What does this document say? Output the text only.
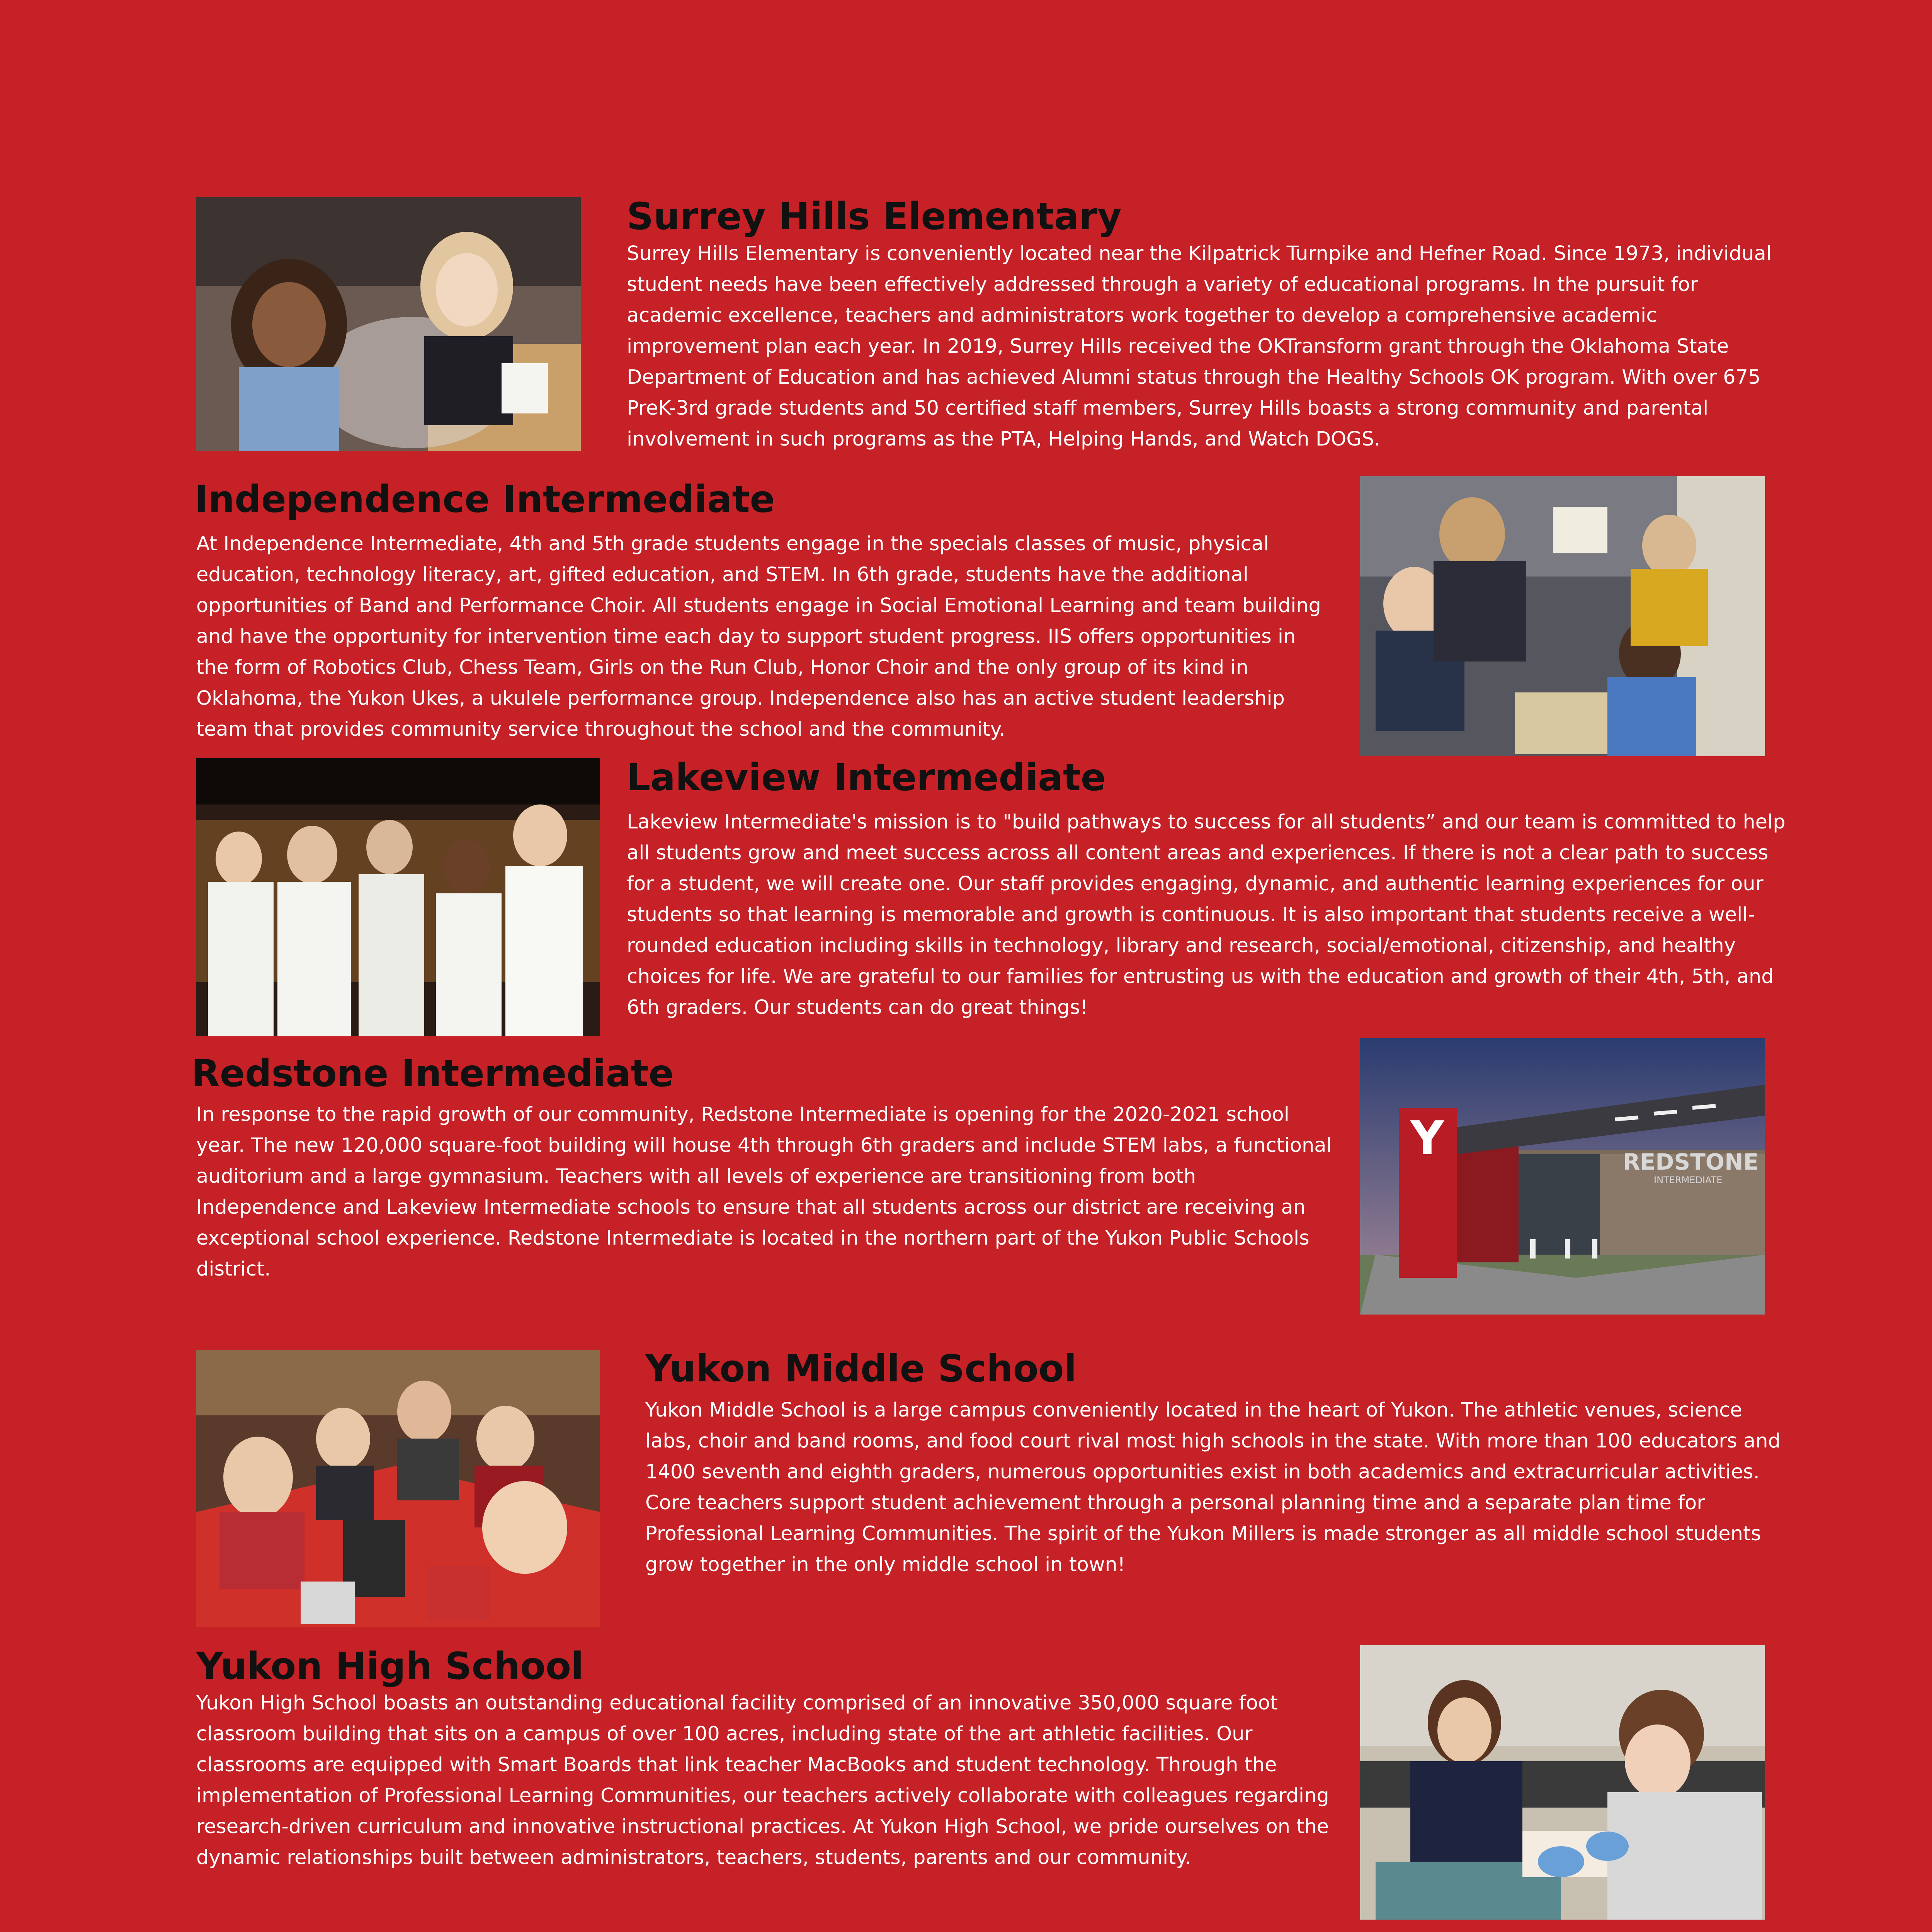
Surrey Hills Elementary

Surrey Hills Elementary is conveniently located near the Kilpatrick Turnpike and Hefner Road. Since 1973, individual student needs have been effectively addressed through a variety of educational programs. In the pursuit for academic excellence, teachers and administrators work together to develop a comprehensive academic improvement plan each year. In 2019, Surrey Hills received the OKTransform grant through the Oklahoma State Department of Education and has achieved Alumni status through the Healthy Schools OK program. With over 675 PreK-3rd grade students and 50 certified staff members, Surrey Hills boasts a strong community and parental involvement in such programs as the PTA, Helping Hands, and Watch DOGS.

Independence Intermediate

At Independence Intermediate, 4th and 5th grade students engage in the specials classes of music, physical education, technology literacy, art, gifted education, and STEM. In 6th grade, students have the additional opportunities of Band and Performance Choir. All students engage in Social Emotional Learning and team building and have the opportunity for intervention time each day to support student progress. IIS offers opportunities in the form of Robotics Club, Chess Team, Girls on the Run Club, Honor Choir and the only group of its kind in Oklahoma, the Yukon Ukes, a ukulele performance group. Independence also has an active student leadership team that provides community service throughout the school and the community.

Lakeview Intermediate

Lakeview Intermediate's mission is to "build pathways to success for all students” and our team is committed to help all students grow and meet success across all content areas and experiences. If there is not a clear path to success for a student, we will create one. Our staff provides engaging, dynamic, and authentic learning experiences for our students so that learning is memorable and growth is continuous. It is also important that students receive a well-rounded education including skills in technology, library and research, social/emotional, citizenship, and healthy choices for life. We are grateful to our families for entrusting us with the education and growth of their 4th, 5th, and 6th graders. Our students can do great things!

Redstone Intermediate

In response to the rapid growth of our community, Redstone Intermediate is opening for the 2020-2021 school year. The new 120,000 square-foot building will house 4th through 6th graders and include STEM labs, a functional auditorium and a large gymnasium. Teachers with all levels of experience are transitioning from both Independence and Lakeview Intermediate schools to ensure that all students across our district are receiving an exceptional school experience. Redstone Intermediate is located in the northern part of the Yukon Public Schools district.

Y	REDSTONE
INTERMEDIATE
Yukon Middle School

Yukon Middle School is a large campus conveniently located in the heart of Yukon. The athletic venues, science labs, choir and band rooms, and food court rival most high schools in the state. With more than 100 educators and 1400 seventh and eighth graders, numerous opportunities exist in both academics and extracurricular activities. Core teachers support student achievement through a personal planning time and a separate plan time for Professional Learning Communities. The spirit of the Yukon Millers is made stronger as all middle school students grow together in the only middle school in town!

Yukon High School

Yukon High School boasts an outstanding educational facility comprised of an innovative 350,000 square foot classroom building that sits on a campus of over 100 acres, including state of the art athletic facilities. Our classrooms are equipped with Smart Boards that link teacher MacBooks and student technology. Through the implementation of Professional Learning Communities, our teachers actively collaborate with colleagues regarding research-driven curriculum and innovative instructional practices. At Yukon High School, we pride ourselves on the dynamic relationships built between administrators, teachers, students, parents and our community.
